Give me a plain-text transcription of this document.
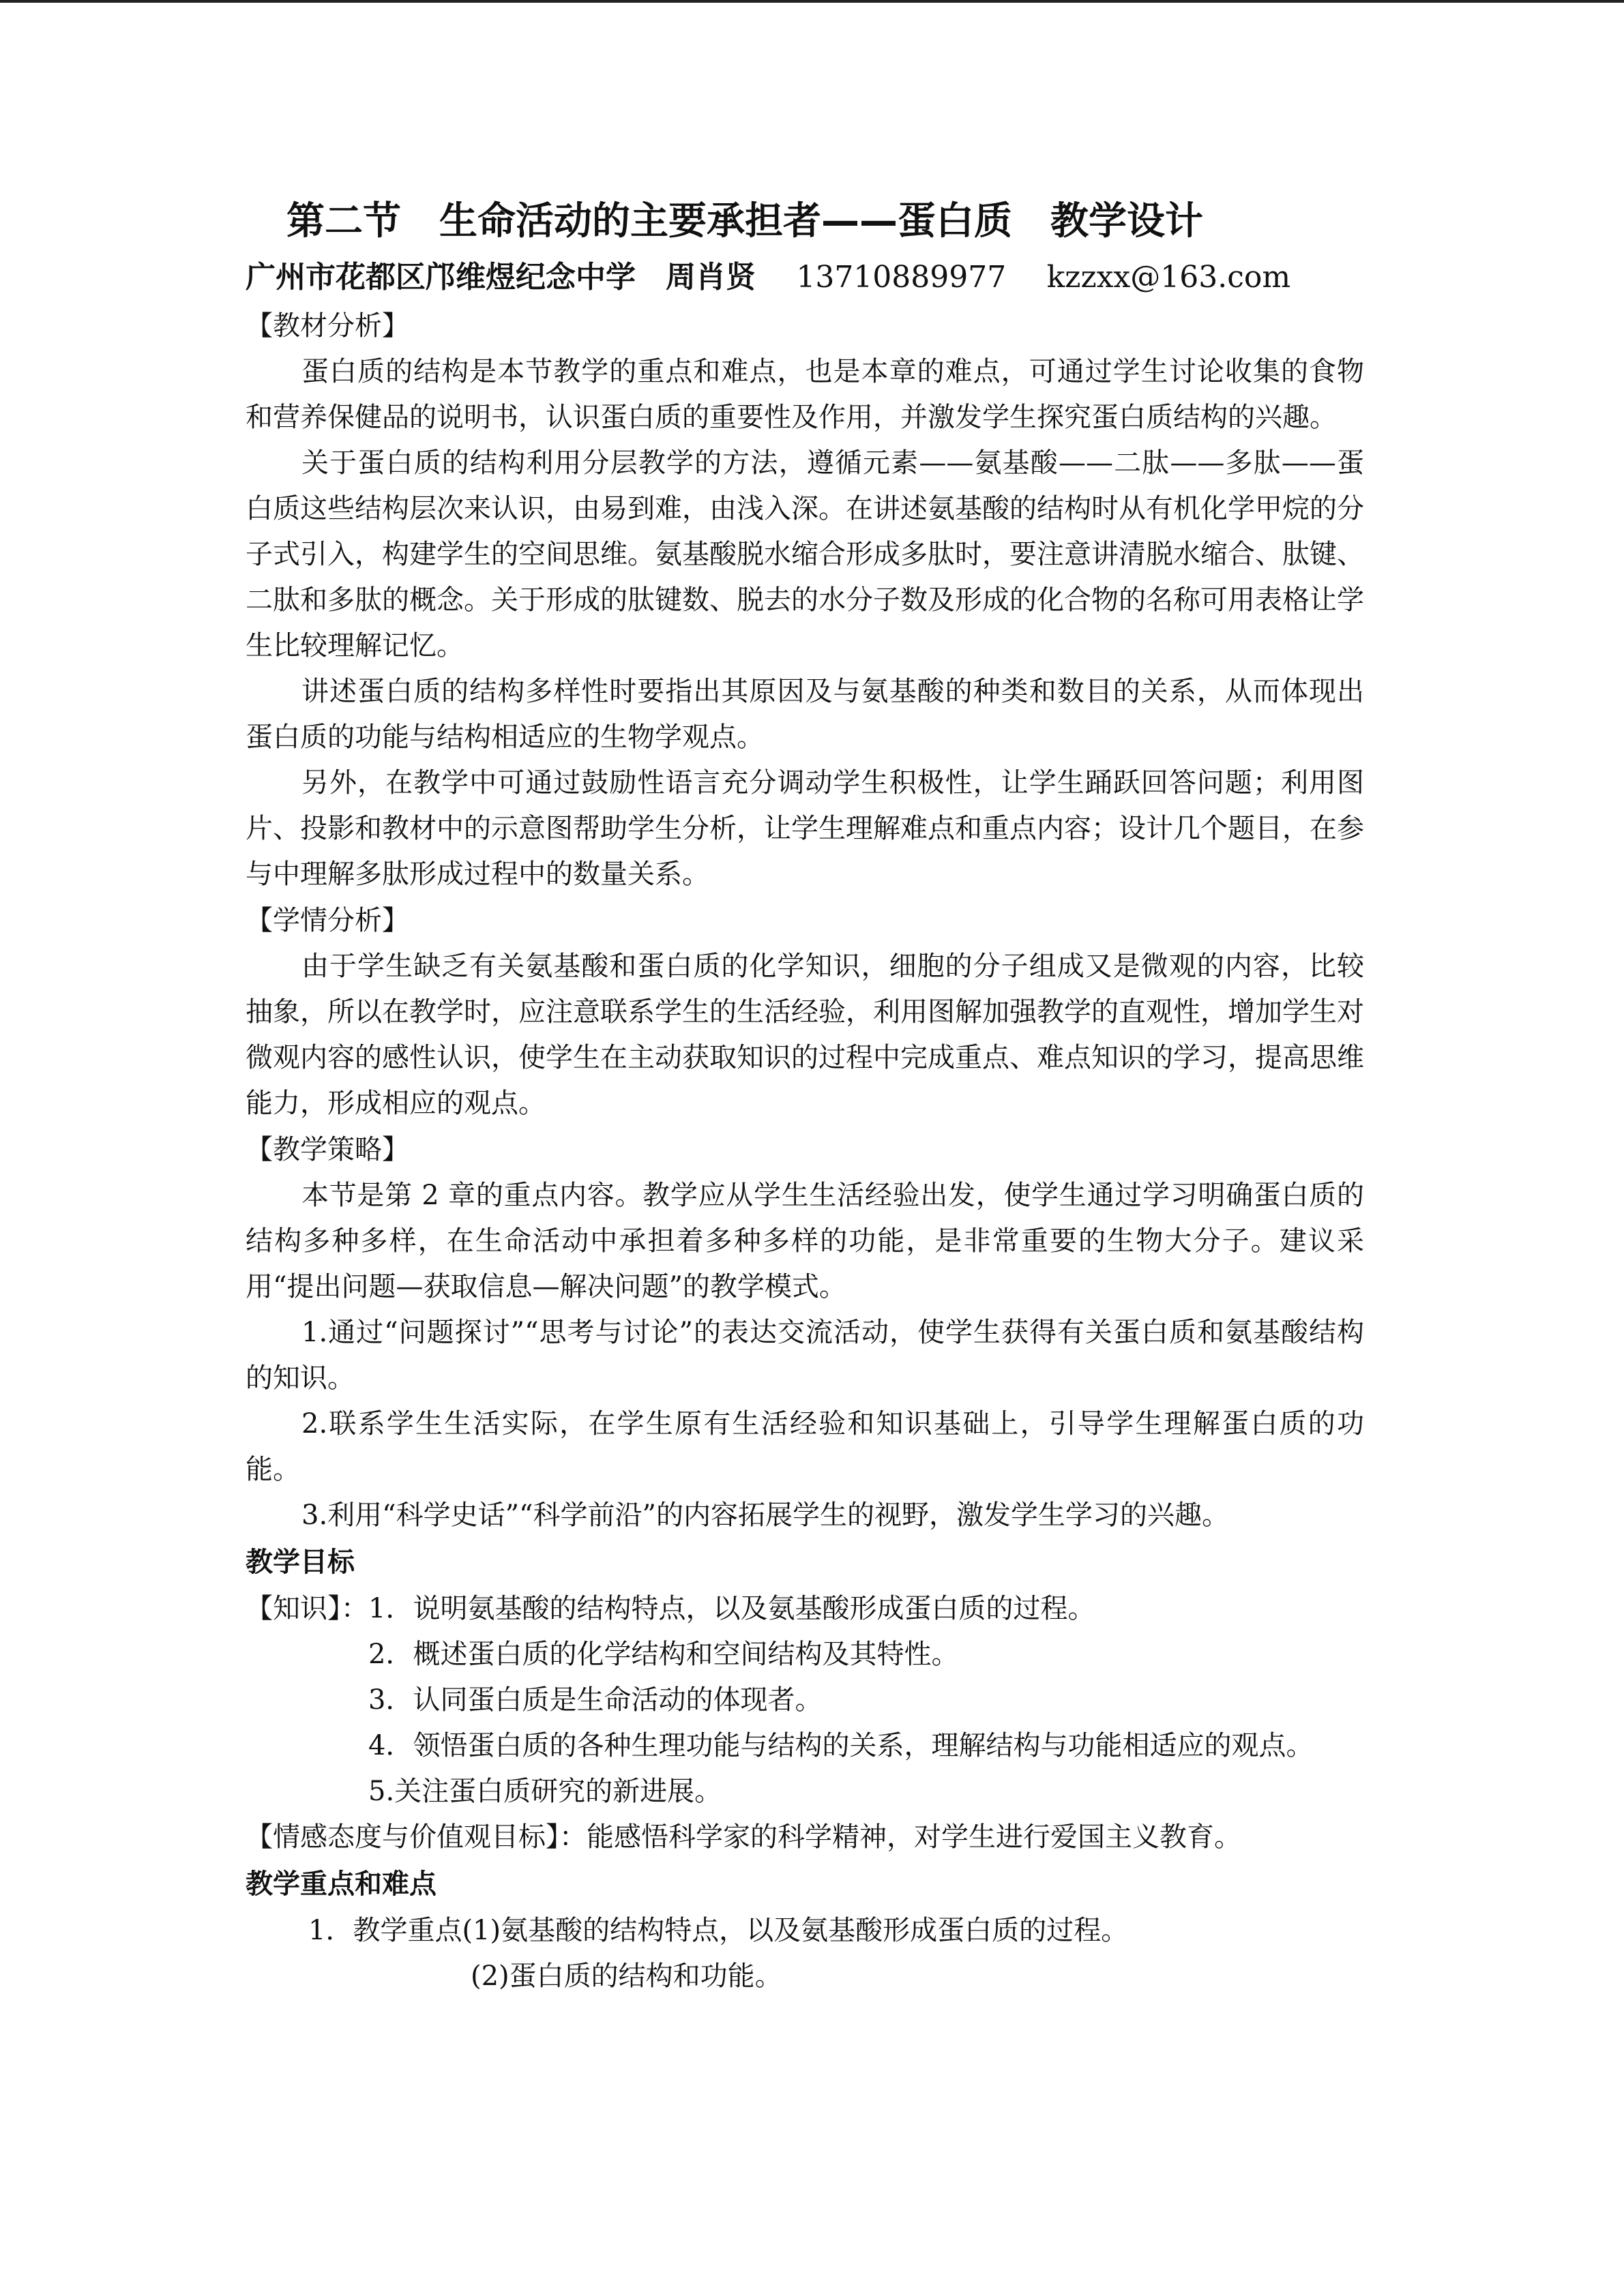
第二节　生命活动的主要承担者——蛋白质　教学设计
广州市花都区邝维煜纪念中学　 周肖贤　 13710889977　 kzzxx@163.com
【教材分析】

蛋白质的结构是本节教学的重点和难点，也是本章的难点，可通过学生讨论收集的食物和营养保健品的说明书，认识蛋白质的重要性及作用，并激发学生探究蛋白质结构的兴趣。

关于蛋白质的结构利用分层教学的方法，遵循元素——氨基酸——二肽——多肽——蛋白质这些结构层次来认识，由易到难，由浅入深。在讲述氨基酸的结构时从有机化学甲烷的分子式引入，构建学生的空间思维。氨基酸脱水缩合形成多肽时，要注意讲清脱水缩合、肽键、二肽和多肽的概念。关于形成的肽键数、脱去的水分子数及形成的化合物的名称可用表格让学生比较理解记忆。

讲述蛋白质的结构多样性时要指出其原因及与氨基酸的种类和数目的关系，从而体现出蛋白质的功能与结构相适应的生物学观点。

另外，在教学中可通过鼓励性语言充分调动学生积极性，让学生踊跃回答问题；利用图片、投影和教材中的示意图帮助学生分析，让学生理解难点和重点内容；设计几个题目，在参与中理解多肽形成过程中的数量关系。

【学情分析】

由于学生缺乏有关氨基酸和蛋白质的化学知识，细胞的分子组成又是微观的内容，比较抽象，所以在教学时，应注意联系学生的生活经验，利用图解加强教学的直观性，增加学生对微观内容的感性认识，使学生在主动获取知识的过程中完成重点、难点知识的学习，提高思维能力，形成相应的观点。

【教学策略】

本节是第 2 章的重点内容。教学应从学生生活经验出发，使学生通过学习明确蛋白质的结构多种多样，在生命活动中承担着多种多样的功能，是非常重要的生物大分子。建议采用“提出问题—获取信息—解决问题”的教学模式。

1.通过“问题探讨”“思考与讨论”的表达交流活动，使学生获得有关蛋白质和氨基酸结构的知识。

2.联系学生生活实际，在学生原有生活经验和知识基础上，引导学生理解蛋白质的功能。

3.利用“科学史话”“科学前沿”的内容拓展学生的视野，激发学生学习的兴趣。

教学目标
【知识】：1．说明氨基酸的结构特点，以及氨基酸形成蛋白质的过程。
2．概述蛋白质的化学结构和空间结构及其特性。
3．认同蛋白质是生命活动的体现者。
4．领悟蛋白质的各种生理功能与结构的关系，理解结构与功能相适应的观点。
5.关注蛋白质研究的新进展。
【情感态度与价值观目标】：能感悟科学家的科学精神，对学生进行爱国主义教育。
教学重点和难点
1．教学重点(1)氨基酸的结构特点，以及氨基酸形成蛋白质的过程。
(2)蛋白质的结构和功能。
